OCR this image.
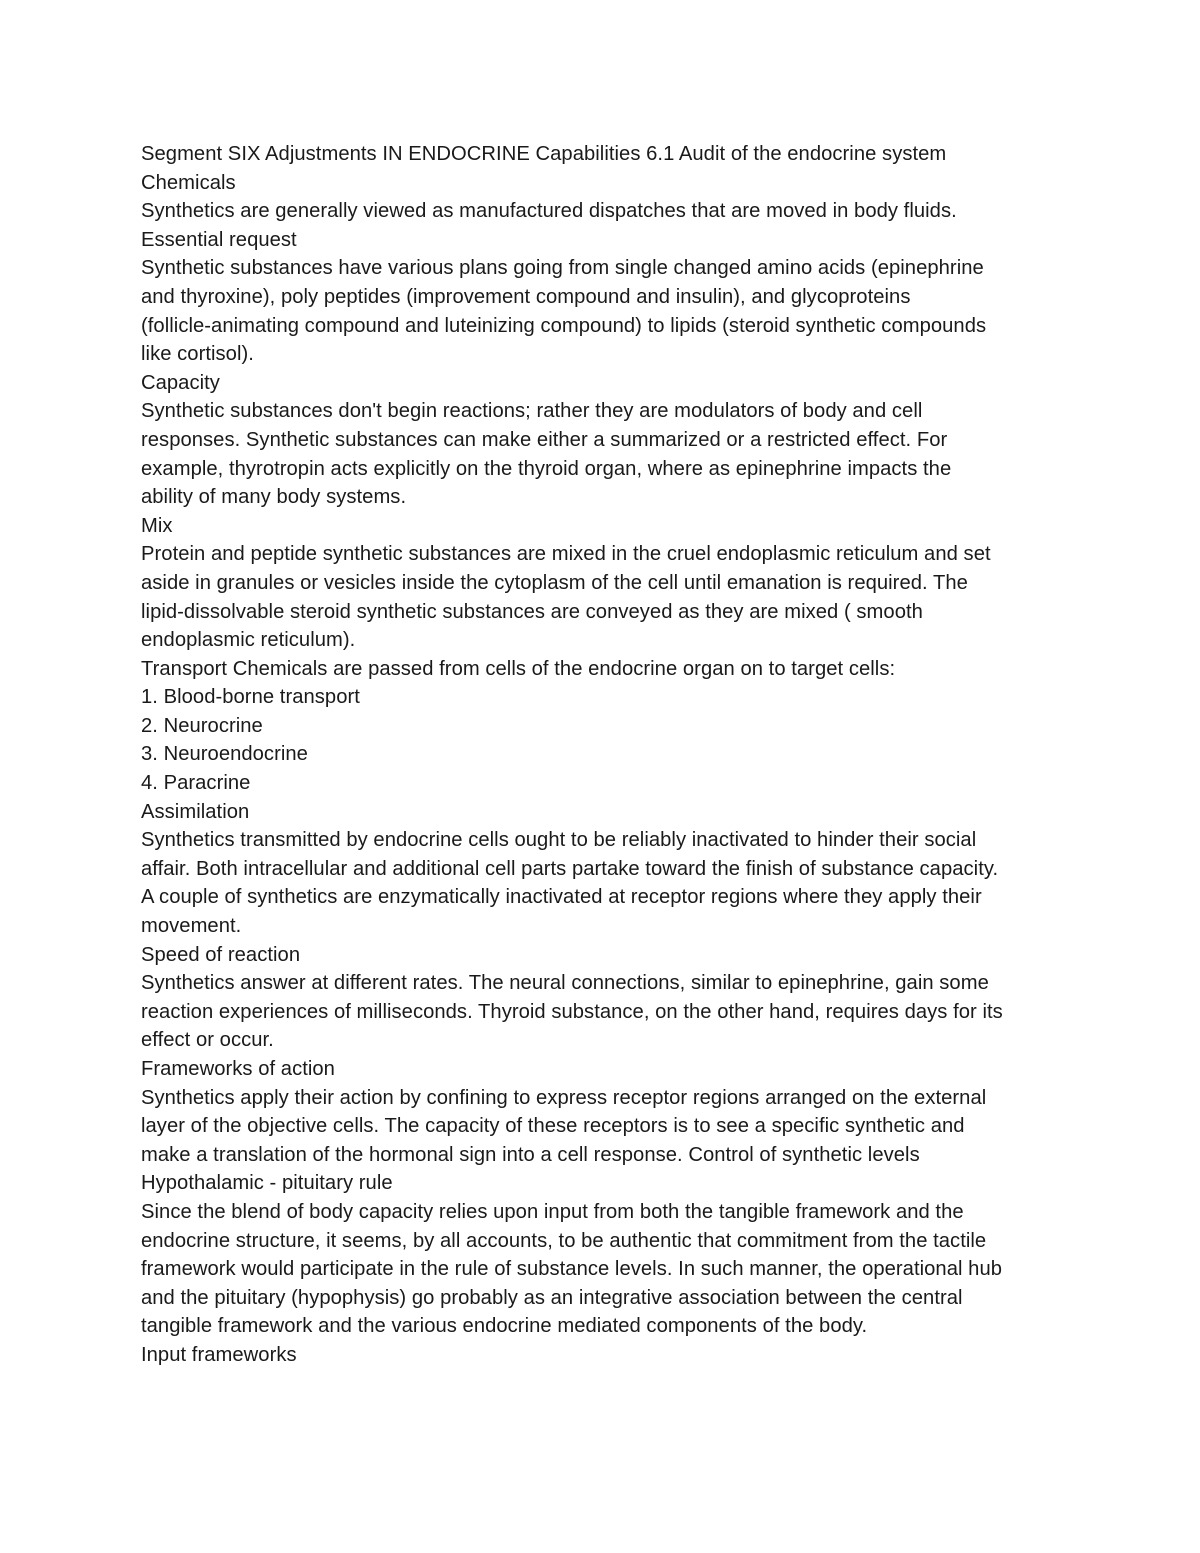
Segment SIX Adjustments IN ENDOCRINE Capabilities 6.1 Audit of the endocrine system
Chemicals
Synthetics are generally viewed as manufactured dispatches that are moved in body fluids.
Essential request
Synthetic substances have various plans going from single changed amino acids (epinephrine
and thyroxine), poly peptides (improvement compound and insulin), and glycoproteins
(follicle-animating compound and luteinizing compound) to lipids (steroid synthetic compounds
like cortisol).
Capacity
Synthetic substances don't begin reactions; rather they are modulators of body and cell
responses. Synthetic substances can make either a summarized or a restricted effect. For
example, thyrotropin acts explicitly on the thyroid organ, where as epinephrine impacts the
ability of many body systems.
Mix
Protein and peptide synthetic substances are mixed in the cruel endoplasmic reticulum and set
aside in granules or vesicles inside the cytoplasm of the cell until emanation is required. The
lipid-dissolvable steroid synthetic substances are conveyed as they are mixed ( smooth
endoplasmic reticulum).
Transport Chemicals are passed from cells of the endocrine organ on to target cells:
1. Blood-borne transport
2. Neurocrine
3. Neuroendocrine
4. Paracrine
Assimilation
Synthetics transmitted by endocrine cells ought to be reliably inactivated to hinder their social
affair. Both intracellular and additional cell parts partake toward the finish of substance capacity.
A couple of synthetics are enzymatically inactivated at receptor regions where they apply their
movement.
Speed of reaction
Synthetics answer at different rates. The neural connections, similar to epinephrine, gain some
reaction experiences of milliseconds. Thyroid substance, on the other hand, requires days for its
effect or occur.
Frameworks of action
Synthetics apply their action by confining to express receptor regions arranged on the external
layer of the objective cells. The capacity of these receptors is to see a specific synthetic and
make a translation of the hormonal sign into a cell response. Control of synthetic levels
Hypothalamic - pituitary rule
Since the blend of body capacity relies upon input from both the tangible framework and the
endocrine structure, it seems, by all accounts, to be authentic that commitment from the tactile
framework would participate in the rule of substance levels. In such manner, the operational hub
and the pituitary (hypophysis) go probably as an integrative association between the central
tangible framework and the various endocrine mediated components of the body.
Input frameworks
